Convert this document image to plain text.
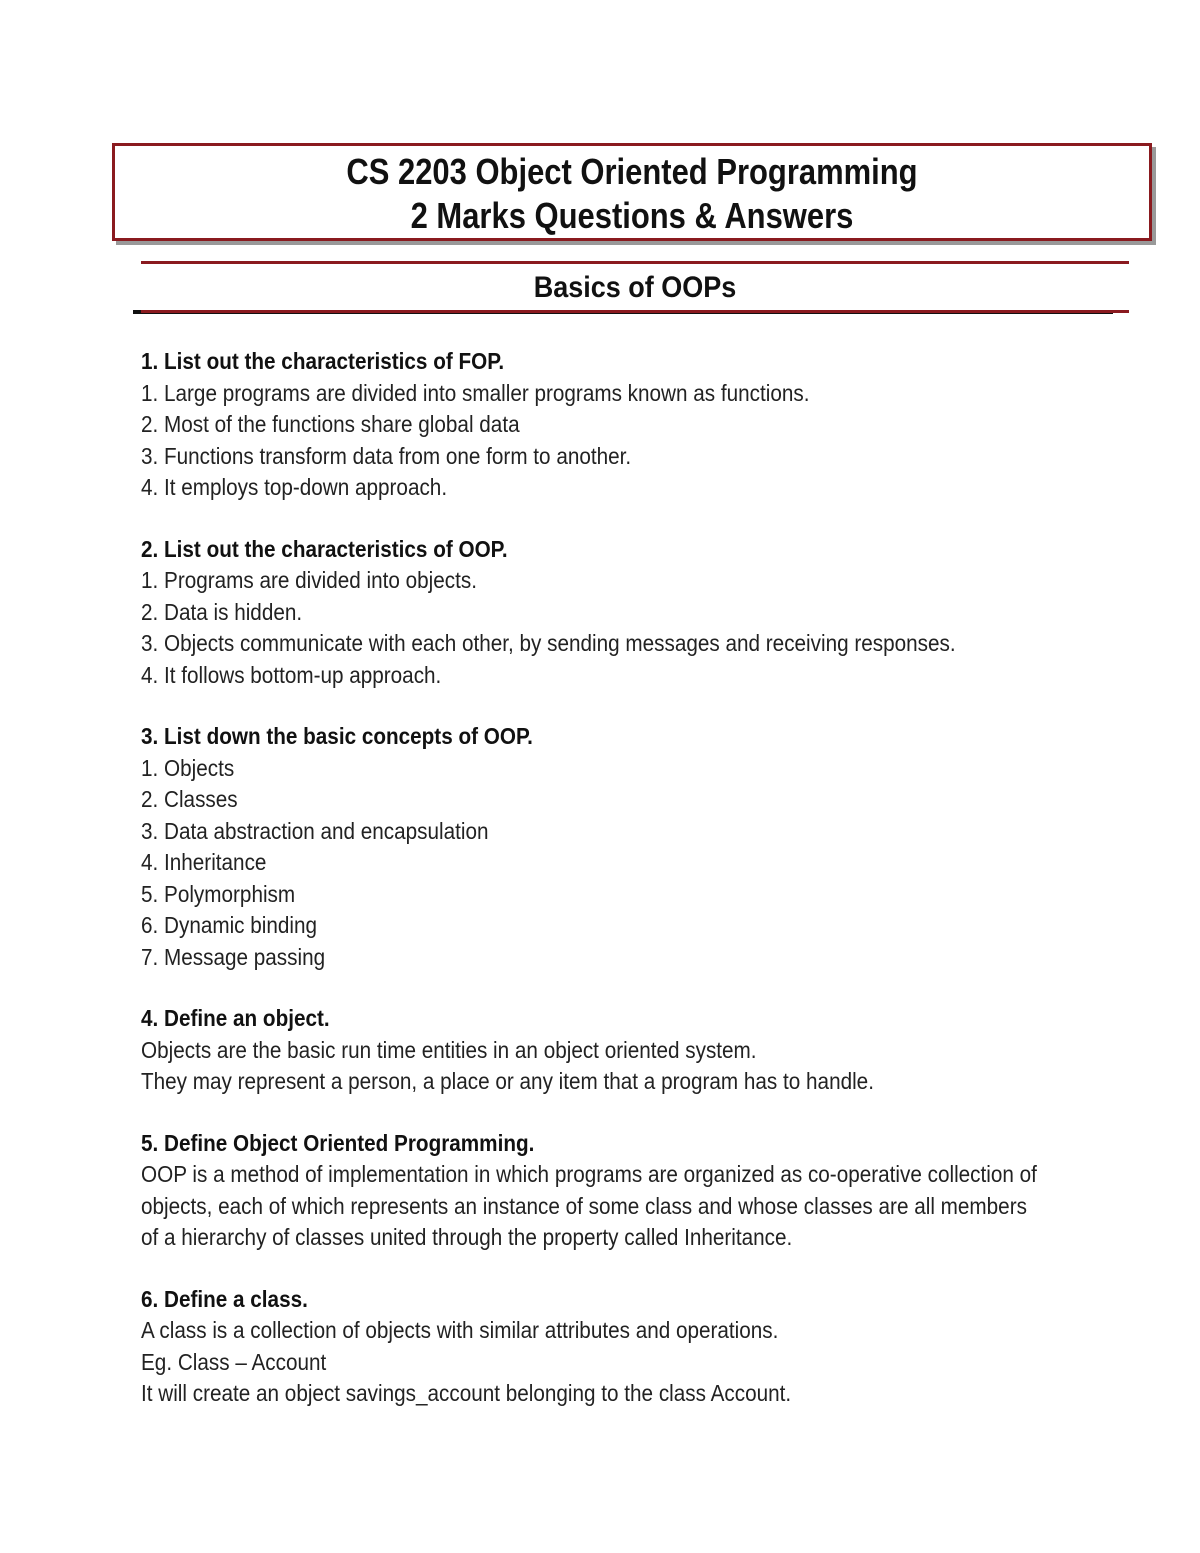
CS 2203 Object Oriented Programming
2 Marks Questions & Answers
Basics of OOPs
1. List out the characteristics of FOP.
1. Large programs are divided into smaller programs known as functions.
2. Most of the functions share global data
3. Functions transform data from one form to another.
4. It employs top-down approach.
2. List out the characteristics of OOP.
1. Programs are divided into objects.
2. Data is hidden.
3. Objects communicate with each other, by sending messages and receiving responses.
4. It follows bottom-up approach.
3. List down the basic concepts of OOP.
1. Objects
2. Classes
3. Data abstraction and encapsulation
4. Inheritance
5. Polymorphism
6. Dynamic binding
7. Message passing
4. Define an object.
Objects are the basic run time entities in an object oriented system.
They may represent a person, a place or any item that a program has to handle.
5. Define Object Oriented Programming.
OOP is a method of implementation in which programs are organized as co-operative collection of
objects, each of which represents an instance of some class and whose classes are all members
of a hierarchy of classes united through the property called Inheritance.
6. Define a class.
A class is a collection of objects with similar attributes and operations.
Eg. Class – Account
It will create an object savings_account belonging to the class Account.
